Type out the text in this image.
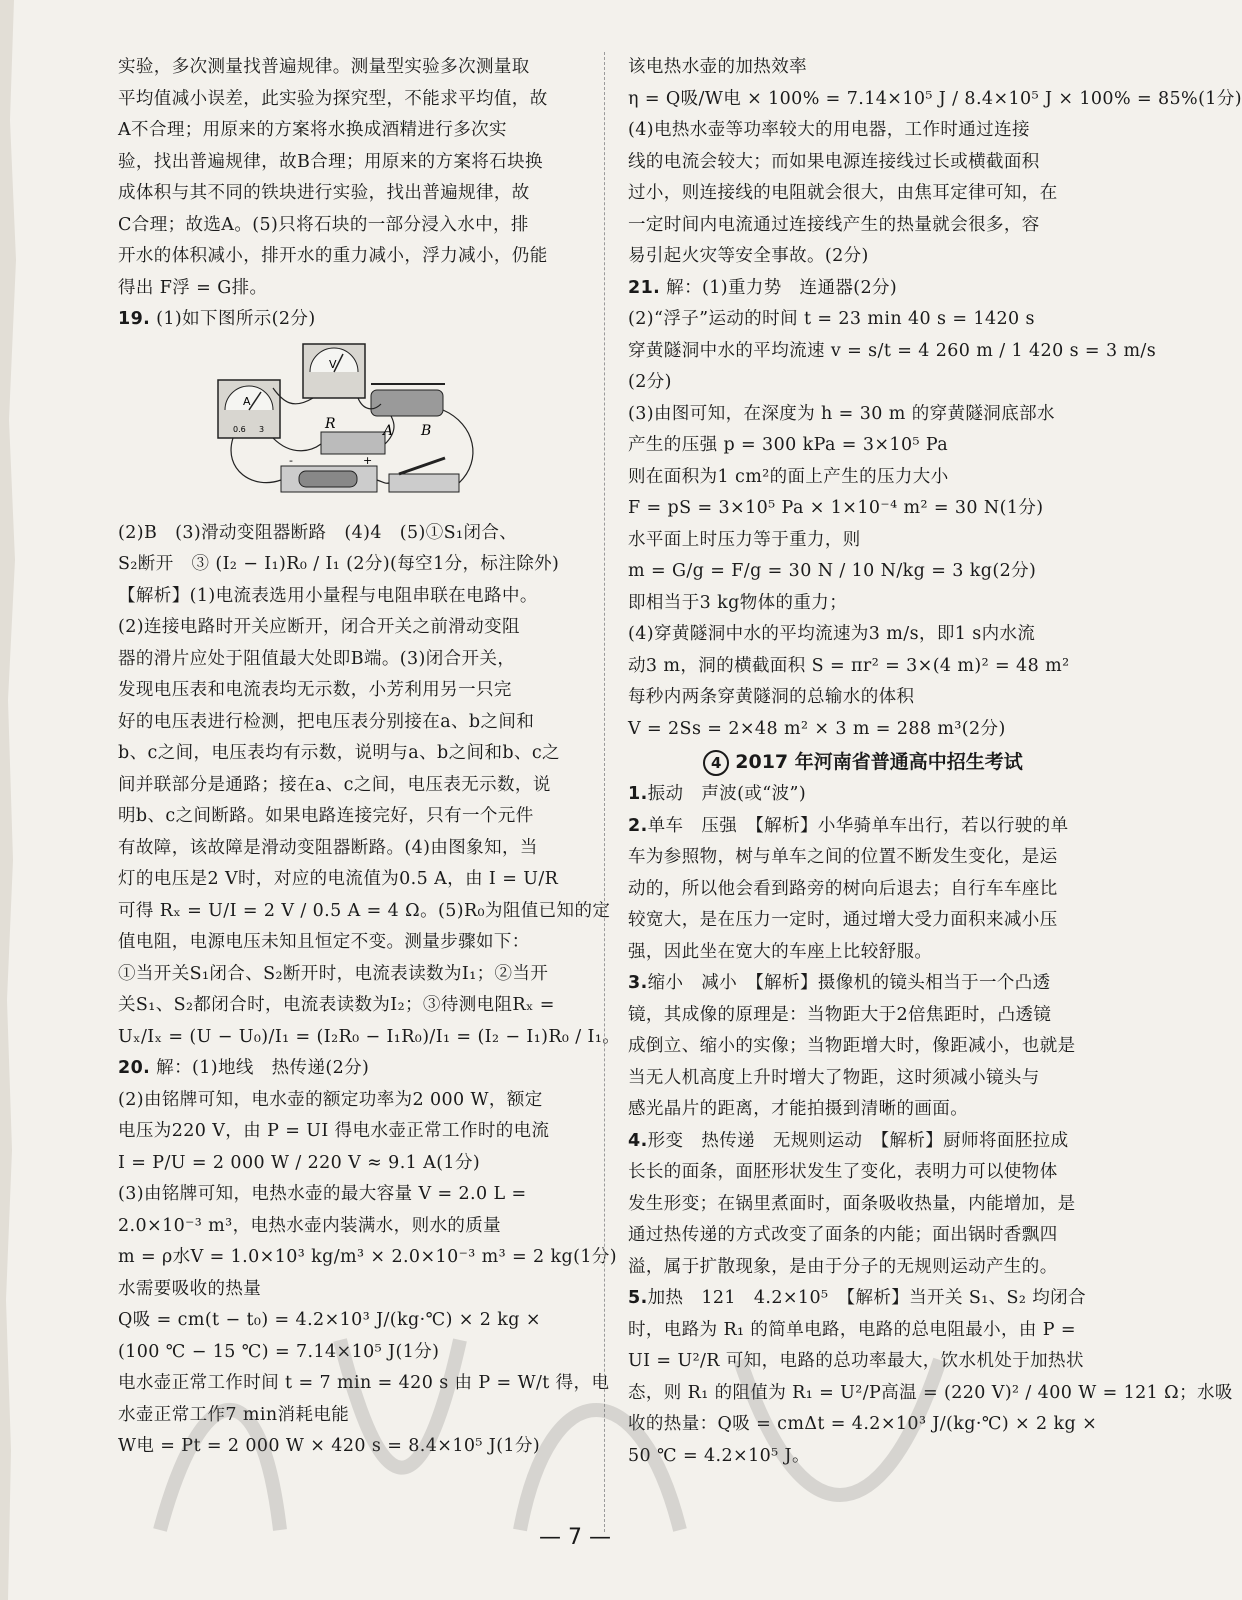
实验，多次测量找普遍规律。测量型实验多次测量取
平均值减小误差，此实验为探究型，不能求平均值，故
A不合理；用原来的方案将水换成酒精进行多次实
验，找出普遍规律，故B合理；用原来的方案将石块换
成体积与其不同的铁块进行实验，找出普遍规律，故
C合理；故选A。(5)只将石块的一部分浸入水中，排
开水的体积减小，排开水的重力减小，浮力减小，仍能
得出 F浮 = G排。
19. (1)如下图所示(2分)
A
0.6 3
V
R	A B
+
-
(2)B　(3)滑动变阻器断路　(4)4　(5)①S₁闭合、
S₂断开　③ (I₂ − I₁)R₀ / I₁ (2分)(每空1分，标注除外)
【解析】(1)电流表选用小量程与电阻串联在电路中。
(2)连接电路时开关应断开，闭合开关之前滑动变阻
器的滑片应处于阻值最大处即B端。(3)闭合开关，
发现电压表和电流表均无示数，小芳利用另一只完
好的电压表进行检测，把电压表分别接在a、b之间和
b、c之间，电压表均有示数，说明与a、b之间和b、c之
间并联部分是通路；接在a、c之间，电压表无示数，说
明b、c之间断路。如果电路连接完好，只有一个元件
有故障，该故障是滑动变阻器断路。(4)由图象知，当
灯的电压是2 V时，对应的电流值为0.5 A，由 I = U/R
可得 Rₓ = U/I = 2 V / 0.5 A = 4 Ω。(5)R₀为阻值已知的定
值电阻，电源电压未知且恒定不变。测量步骤如下：
①当开关S₁闭合、S₂断开时，电流表读数为I₁；②当开
关S₁、S₂都闭合时，电流表读数为I₂；③待测电阻Rₓ =
Uₓ/Iₓ = (U − U₀)/I₁ = (I₂R₀ − I₁R₀)/I₁ = (I₂ − I₁)R₀ / I₁。
20. 解：(1)地线　热传递(2分)
(2)由铭牌可知，电水壶的额定功率为2 000 W，额定
电压为220 V，由 P = UI 得电水壶正常工作时的电流
I = P/U = 2 000 W / 220 V ≈ 9.1 A(1分)
(3)由铭牌可知，电热水壶的最大容量 V = 2.0 L =
2.0×10⁻³ m³，电热水壶内装满水，则水的质量
m = ρ水V = 1.0×10³ kg/m³ × 2.0×10⁻³ m³ = 2 kg(1分)
水需要吸收的热量
Q吸 = cm(t − t₀) = 4.2×10³ J/(kg·℃) × 2 kg ×
(100 ℃ − 15 ℃) = 7.14×10⁵ J(1分)
电水壶正常工作时间 t = 7 min = 420 s 由 P = W/t 得，电
水壶正常工作7 min消耗电能
W电 = Pt = 2 000 W × 420 s = 8.4×10⁵ J(1分)
该电热水壶的加热效率
η = Q吸/W电 × 100% = 7.14×10⁵ J / 8.4×10⁵ J × 100% = 85%(1分)
(4)电热水壶等功率较大的用电器，工作时通过连接
线的电流会较大；而如果电源连接线过长或横截面积
过小，则连接线的电阻就会很大，由焦耳定律可知，在
一定时间内电流通过连接线产生的热量就会很多，容
易引起火灾等安全事故。(2分)
21. 解：(1)重力势　连通器(2分)
(2)“浮子”运动的时间 t = 23 min 40 s = 1420 s
穿黄隧洞中水的平均流速 v = s/t = 4 260 m / 1 420 s = 3 m/s
(2分)
(3)由图可知，在深度为 h = 30 m 的穿黄隧洞底部水
产生的压强 p = 300 kPa = 3×10⁵ Pa
则在面积为1 cm²的面上产生的压力大小
F = pS = 3×10⁵ Pa × 1×10⁻⁴ m² = 30 N(1分)
水平面上时压力等于重力，则
m = G/g = F/g = 30 N / 10 N/kg = 3 kg(2分)
即相当于3 kg物体的重力；
(4)穿黄隧洞中水的平均流速为3 m/s，即1 s内水流
动3 m，洞的横截面积 S = πr² = 3×(4 m)² = 48 m²
每秒内两条穿黄隧洞的总输水的体积
V = 2Ss = 2×48 m² × 3 m = 288 m³(2分)
4 2017 年河南省普通高中招生考试
1.振动　声波(或“波”)
2.单车　压强　【解析】小华骑单车出行，若以行驶的单
车为参照物，树与单车之间的位置不断发生变化，是运
动的，所以他会看到路旁的树向后退去；自行车车座比
较宽大，是在压力一定时，通过增大受力面积来减小压
强，因此坐在宽大的车座上比较舒服。
3.缩小　减小　【解析】摄像机的镜头相当于一个凸透
镜，其成像的原理是：当物距大于2倍焦距时，凸透镜
成倒立、缩小的实像；当物距增大时，像距减小，也就是
当无人机高度上升时增大了物距，这时须减小镜头与
感光晶片的距离，才能拍摄到清晰的画面。
4.形变　热传递　无规则运动　【解析】厨师将面胚拉成
长长的面条，面胚形状发生了变化，表明力可以使物体
发生形变；在锅里煮面时，面条吸收热量，内能增加，是
通过热传递的方式改变了面条的内能；面出锅时香飘四
溢，属于扩散现象，是由于分子的无规则运动产生的。
5.加热　121　4.2×10⁵　【解析】当开关 S₁、S₂ 均闭合
时，电路为 R₁ 的简单电路，电路的总电阻最小，由 P =
UI = U²/R 可知，电路的总功率最大，饮水机处于加热状
态，则 R₁ 的阻值为 R₁ = U²/P高温 = (220 V)² / 400 W = 121 Ω；水吸
收的热量：Q吸 = cmΔt = 4.2×10³ J/(kg·℃) × 2 kg ×
50 ℃ = 4.2×10⁵ J。
— 7 —
